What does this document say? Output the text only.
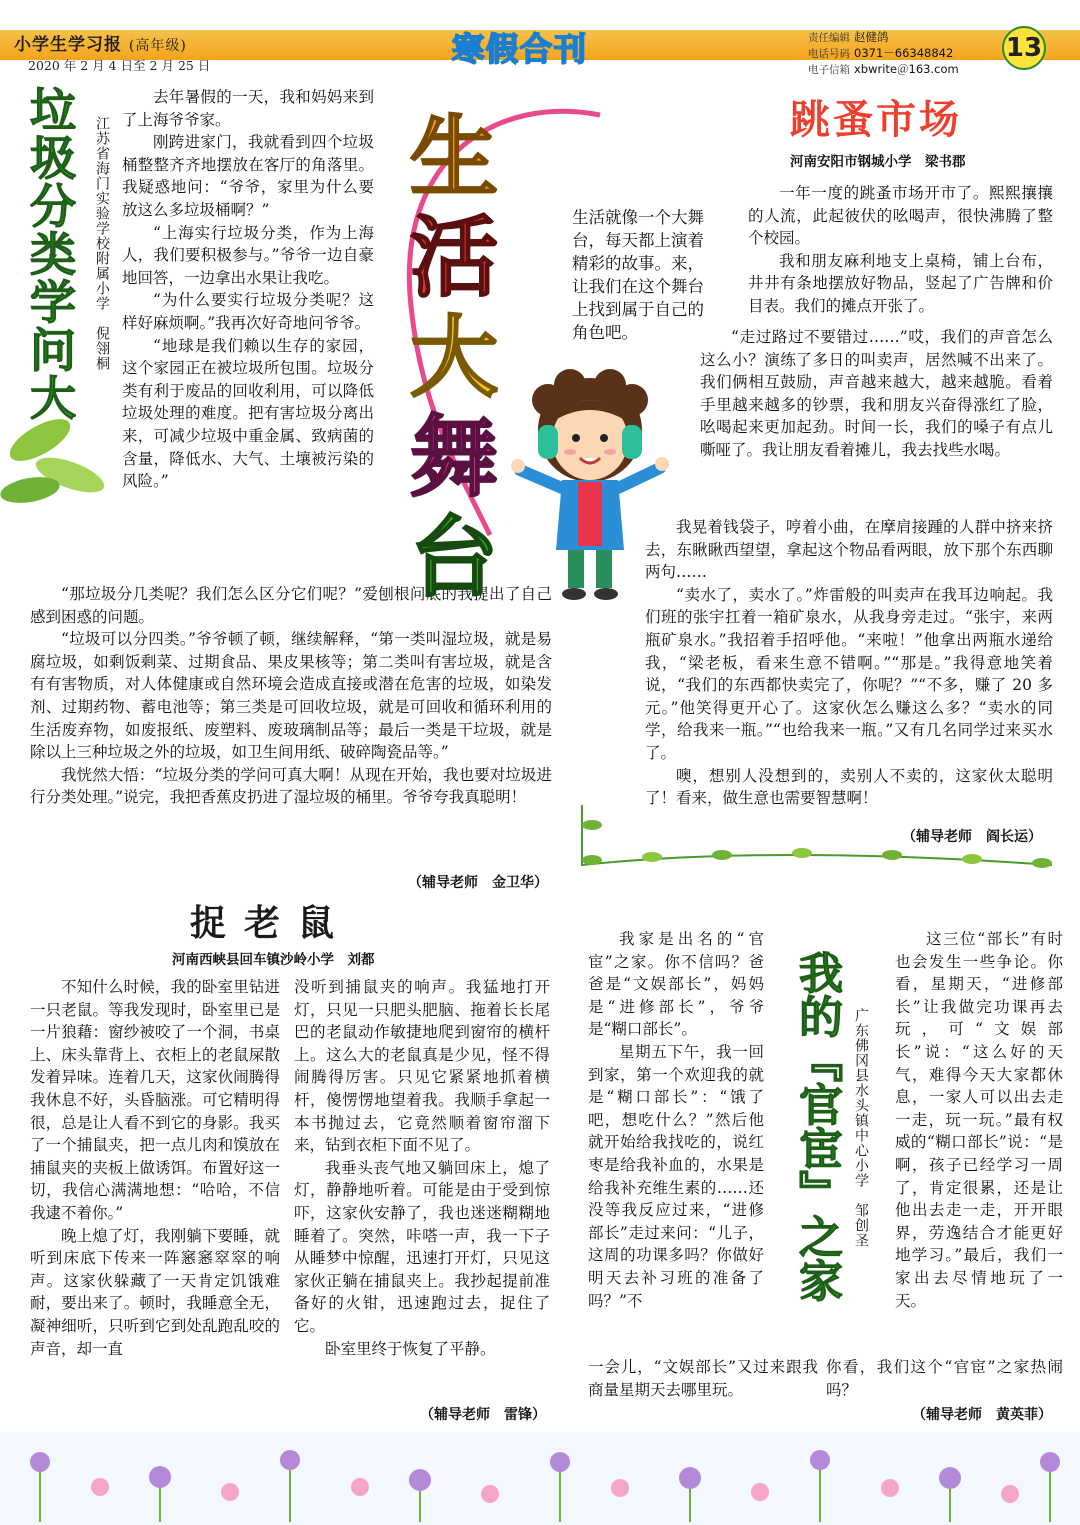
小学生学习报 (高年级)
2020 年 2 月 4 日至 2 月 25 日	寒假合刊	责任编辑 赵健鸽
电话号码 0371－66348842
电子信箱 xbwrite＠163.com
13
垃圾分类学问大 江苏省海门实验学校附属小学　倪翎桐

去年暑假的一天，我和妈妈来到了上海爷爷家。

刚跨进家门，我就看到四个垃圾桶整整齐齐地摆放在客厅的角落里。我疑惑地问：“爷爷，家里为什么要放这么多垃圾桶啊？”

“上海实行垃圾分类，作为上海人，我们要积极参与。”爷爷一边自豪地回答，一边拿出水果让我吃。

“为什么要实行垃圾分类呢？这样好麻烦啊。”我再次好奇地问爷爷。

“地球是我们赖以生存的家园，这个家园正在被垃圾所包围。垃圾分类有利于废品的回收利用，可以降低垃圾处理的难度。把有害垃圾分离出来，可减少垃圾中重金属、致病菌的含量，降低水、大气、土壤被污染的风险。”

“那垃圾分几类呢？我们怎么区分它们呢？”爱刨根问底的我提出了自己感到困惑的问题。

“垃圾可以分四类。”爷爷顿了顿，继续解释，“第一类叫湿垃圾，就是易腐垃圾，如剩饭剩菜、过期食品、果皮果核等；第二类叫有害垃圾，就是含有有害物质，对人体健康或自然环境会造成直接或潜在危害的垃圾，如染发剂、过期药物、蓄电池等；第三类是可回收垃圾，就是可回收和循环利用的生活废弃物，如废报纸、废塑料、废玻璃制品等；最后一类是干垃圾，就是除以上三种垃圾之外的垃圾，如卫生间用纸、破碎陶瓷品等。”

我恍然大悟：“垃圾分类的学问可真大啊！从现在开始，我也要对垃圾进行分类处理。”说完，我把香蕉皮扔进了湿垃圾的桶里。爷爷夸我真聪明！

（辅导老师　金卫华）
生
活
大
舞
台
生活就像一个大舞台，每天都上演着精彩的故事。来，让我们在这个舞台上找到属于自己的角色吧。
跳蚤市场
河南安阳市钢城小学　梁书郡

一年一度的跳蚤市场开市了。熙熙攘攘的人流，此起彼伏的吆喝声，很快沸腾了整个校园。

我和朋友麻利地支上桌椅，铺上台布，井井有条地摆放好物品，竖起了广告牌和价目表。我们的摊点开张了。

“走过路过不要错过……”哎，我们的声音怎么这么小？演练了多日的叫卖声，居然喊不出来了。我们俩相互鼓励，声音越来越大，越来越脆。看着手里越来越多的钞票，我和朋友兴奋得涨红了脸，吆喝起来更加起劲。时间一长，我们的嗓子有点儿嘶哑了。我让朋友看着摊儿，我去找些水喝。

我晃着钱袋子，哼着小曲，在摩肩接踵的人群中挤来挤去，东瞅瞅西望望，拿起这个物品看两眼，放下那个东西聊两句……

“卖水了，卖水了。”炸雷般的叫卖声在我耳边响起。我们班的张宇扛着一箱矿泉水，从我身旁走过。“张宇，来两瓶矿泉水。”我招着手招呼他。“来啦！”他拿出两瓶水递给我，“梁老板，看来生意不错啊。”“那是。”我得意地笑着说，“我们的东西都快卖完了，你呢？”“不多，赚了 20 多元。”他笑得更开心了。这家伙怎么赚这么多？“卖水的同学，给我来一瓶。”“也给我来一瓶。”又有几名同学过来买水了。

噢，想别人没想到的，卖别人不卖的，这家伙太聪明了！看来，做生意也需要智慧啊！

（辅导老师　阎长运）
捉老鼠
河南西峡县回车镇沙岭小学　刘都

不知什么时候，我的卧室里钻进一只老鼠。等我发现时，卧室里已是一片狼藉：窗纱被咬了一个洞，书桌上、床头靠背上、衣柜上的老鼠屎散发着异味。连着几天，这家伙闹腾得我休息不好，头昏脑涨。可它精明得很，总是让人看不到它的身影。我买了一个捕鼠夹，把一点儿肉和馍放在捕鼠夹的夹板上做诱饵。布置好这一切，我信心满满地想：“哈哈，不信我逮不着你。”

晚上熄了灯，我刚躺下要睡，就听到床底下传来一阵窸窸窣窣的响声。这家伙躲藏了一天肯定饥饿难耐，要出来了。顿时，我睡意全无，凝神细听，只听到它到处乱跑乱咬的声音，却一直

没听到捕鼠夹的响声。我猛地打开灯，只见一只肥头肥脑、拖着长长尾巴的老鼠动作敏捷地爬到窗帘的横杆上。这么大的老鼠真是少见，怪不得闹腾得厉害。只见它紧紧地抓着横杆，傻愣愣地望着我。我顺手拿起一本书抛过去，它竟然顺着窗帘溜下来，钻到衣柜下面不见了。

我垂头丧气地又躺回床上，熄了灯，静静地听着。可能是由于受到惊吓，这家伙安静了，我也迷迷糊糊地睡着了。突然，咔嗒一声，我一下子从睡梦中惊醒，迅速打开灯，只见这家伙正躺在捕鼠夹上。我抄起提前准备好的火钳，迅速跑过去，捉住了它。

卧室里终于恢复了平静。

（辅导老师　雷锋）

我家是出名的“官宦”之家。你不信吗？爸爸是“文娱部长”，妈妈是“进修部长”，爷爷是“糊口部长”。

星期五下午，我一回到家，第一个欢迎我的就是“糊口部长”：“饿了吧，想吃什么？”然后他就开始给我找吃的，说红枣是给我补血的，水果是给我补充维生素的……还没等我反应过来，“进修部长”走过来问：“儿子，这周的功课多吗？你做好明天去补习班的准备了吗？”不

一会儿，“文娱部长”又过来跟我商量星期天去哪里玩。
我的『官宦』之家 广东佛冈县水头镇中心小学　邹创圣

这三位“部长”有时也会发生一些争论。你看，星期天，“进修部长”让我做完功课再去玩，可“文娱部长”说：“这么好的天气，难得今天大家都休息，一家人可以出去走一走，玩一玩。”最有权威的“糊口部长”说：“是啊，孩子已经学习一周了，肯定很累，还是让他出去走一走，开开眼界，劳逸结合才能更好地学习。”最后，我们一家出去尽情地玩了一天。

你看，我们这个“官宦”之家热闹吗？
（辅导老师　黄英菲）
